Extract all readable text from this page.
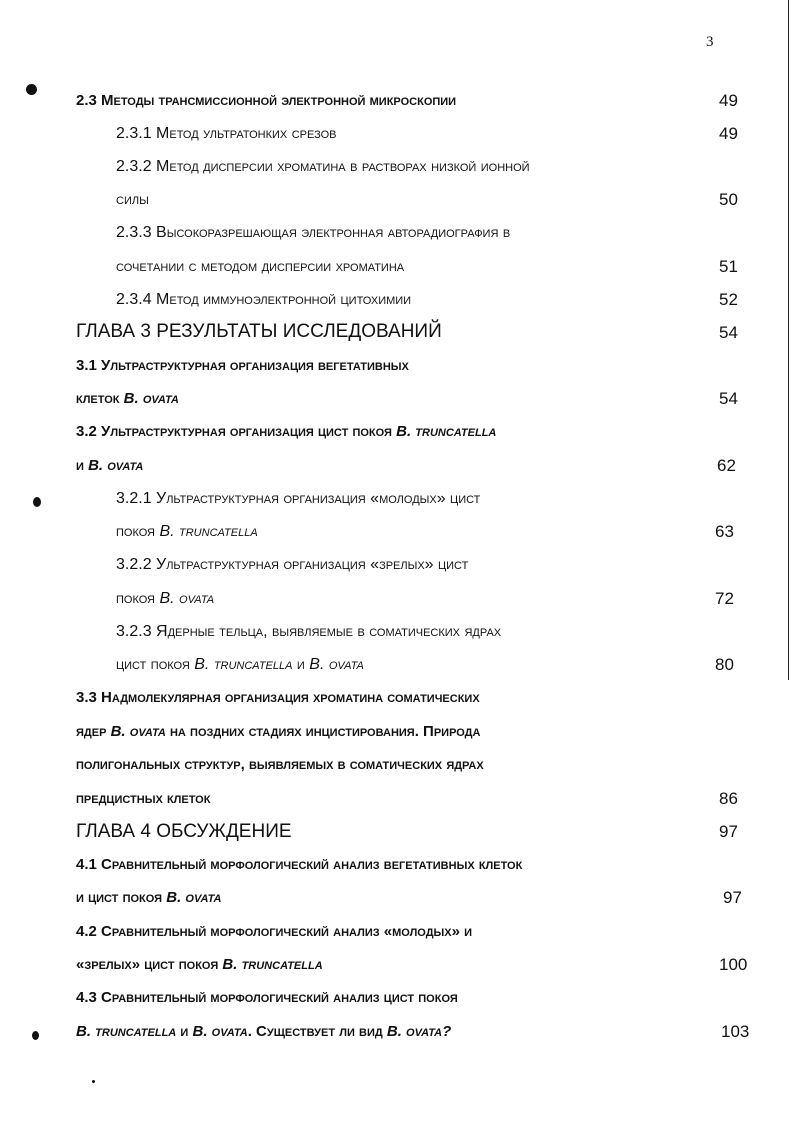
3
2.3 Методы трансмиссионной электронной микроскопии	49
2.3.1 Метод ультратонких срезов	49
2.3.2 Метод дисперсии хроматина в растворах низкой ионной
силы	50
2.3.3 Высокоразрешающая электронная авторадиография в
сочетании с методом дисперсии хроматина	51
2.3.4 Метод иммуноэлектронной цитохимии	52
ГЛАВА 3 РЕЗУЛЬТАТЫ ИССЛЕДОВАНИЙ	54
3.1 Ультраструктурная организация вегетативных
клеток B. ovata	54
3.2 Ультраструктурная организация цист покоя B. truncatella
и B. ovata	62
3.2.1 Ультраструктурная организация «молодых» цист
покоя B. truncatella	63
3.2.2 Ультраструктурная организация «зрелых» цист
покоя B. ovata	72
3.2.3 Ядерные тельца, выявляемые в соматических ядрах
цист покоя B. truncatella и B. ovata	80
3.3 Надмолекулярная организация хроматина соматических
ядер B. ovata на поздних стадиях инцистирования. Природа
полигональных структур, выявляемых в соматических ядрах
предцистных клеток	86
ГЛАВА 4 ОБСУЖДЕНИЕ	97
4.1 Сравнительный морфологический анализ вегетативных клеток
и цист покоя B. ovata	97
4.2 Сравнительный морфологический анализ «молодых» и
«зрелых» цист покоя B. truncatella	100
4.3 Сравнительный морфологический анализ цист покоя
B. truncatella и B. ovata. Существует ли вид B. ovata?	103
